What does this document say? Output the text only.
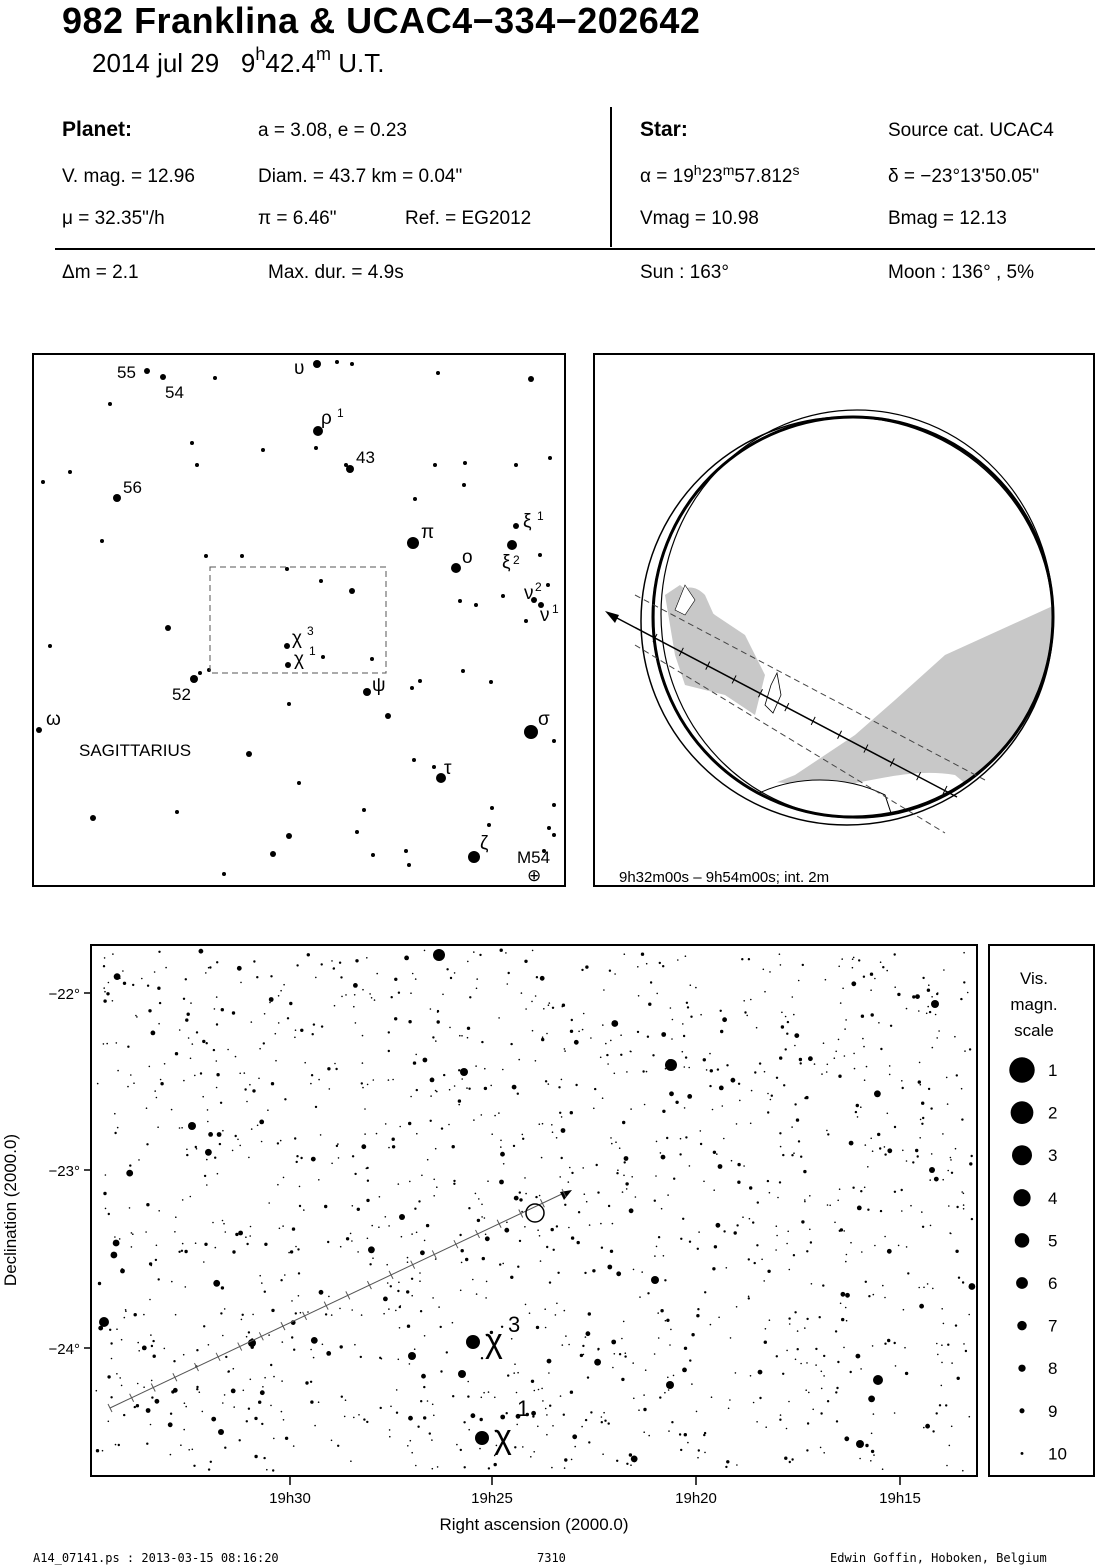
982 Franklina & UCAC4−334−202642
2014 jul 29 9$^h$42.4$^m$ U.T.
Planet:	a = 3.08, e = 0.23
V. mag. = 12.96	Diam. = 43.7 km = 0.04"
μ = 32.35"/h	π = 6.46"	Ref. = EG2012
Star:	Source cat. UCAC4
$\alpha = 19^h23^m57.812^s$	δ = −23°13'50.05"
Vmag = 10.98	Bmag = 12.13
Δm = 2.1	Max. dur. = 4.9s	Sun : 163°	Moon : 136° , 5%
55
54
56
43
52
SAGITTARIUS
M54
⊕
υ
ρ 1
π
ο
ξ 1
ξ 2
ν 2
ν 1
χ 3
χ 1
ψ
ω	σ
τ
ζ
9h32m00s – 9h54m00s; int. 2m
χ 3
χ
1
−22°
−23°
−24°
19h30	19h25	19h20	19h15
Right ascension (2000.0)
Declination (2000.0)
Vis.
magn.
scale
1
2
3
4
5
6
7
8
9
10
A14_07141.ps : 2013-03-15 08:16:20	7310	Edwin Goffin, Hoboken, Belgium
